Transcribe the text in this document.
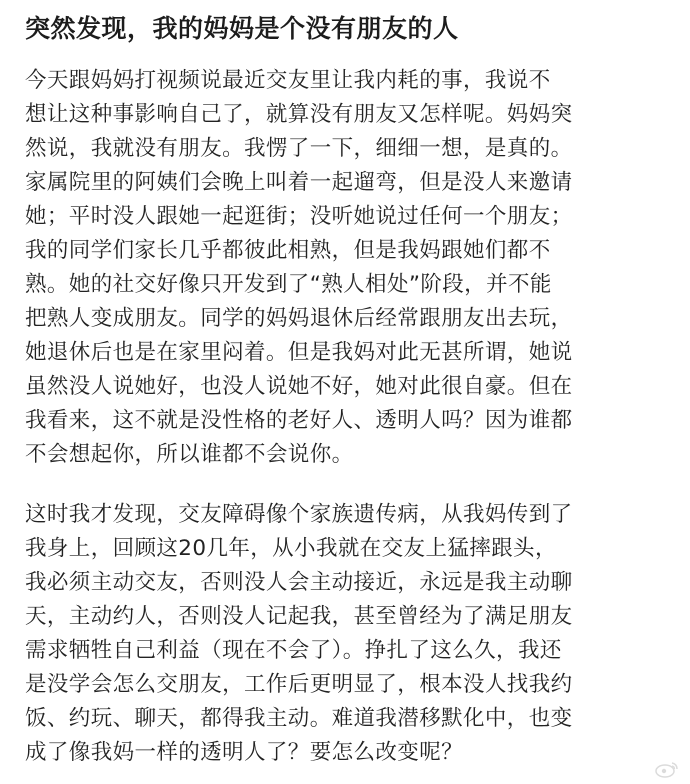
突然发现，我的妈妈是个没有朋友的人

今天跟妈妈打视频说最近交友里让我内耗的事，我说不
想让这种事影响自己了，就算没有朋友又怎样呢。妈妈突
然说，我就没有朋友。我愣了一下，细细一想，是真的。
家属院里的阿姨们会晚上叫着一起遛弯，但是没人来邀请
她；平时没人跟她一起逛街；没听她说过任何一个朋友；
我的同学们家长几乎都彼此相熟，但是我妈跟她们都不
熟。她的社交好像只开发到了“熟人相处”阶段，并不能
把熟人变成朋友。同学的妈妈退休后经常跟朋友出去玩，
她退休后也是在家里闷着。但是我妈对此无甚所谓，她说
虽然没人说她好，也没人说她不好，她对此很自豪。但在
我看来，这不就是没性格的老好人、透明人吗？因为谁都
不会想起你，所以谁都不会说你。

这时我才发现，交友障碍像个家族遗传病，从我妈传到了
我身上，回顾这20几年，从小我就在交友上猛摔跟头，
我必须主动交友，否则没人会主动接近，永远是我主动聊
天，主动约人，否则没人记起我，甚至曾经为了满足朋友
需求牺牲自己利益（现在不会了）。挣扎了这么久，我还
是没学会怎么交朋友，工作后更明显了，根本没人找我约
饭、约玩、聊天，都得我主动。难道我潜移默化中，也变
成了像我妈一样的透明人了？要怎么改变呢？
